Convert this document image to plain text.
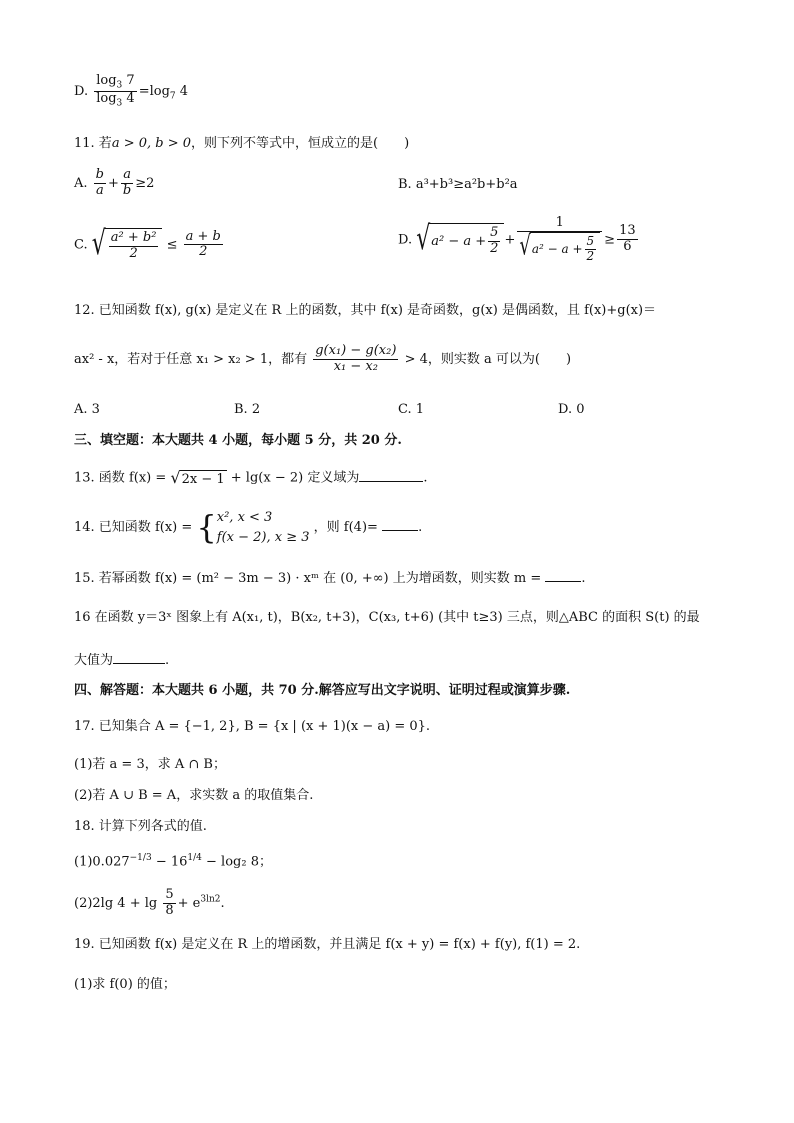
D. $\frac{\log_3 7}{\log_3 4} =\log_7$ 4
11. 若a > 0, b > 0，则下列不等式中，恒成立的是(　　)
A. $\frac{b}{a} + \frac{a}{b} \ge 2$	B. a³+b³≥a²b+b²a
C. √ $\frac{\text{a² + b²}}{2} \le \frac{a + b}{2}$	D. $√a^2 - a + \frac{5}{2} + \frac{1}{√a^2 - a + \frac{5}{2}} \ge \frac{13}{6}$
12. 已知函数 f(x), g(x) 是定义在 R 上的函数，其中 f(x) 是奇函数，g(x) 是偶函数，且 f(x)+g(x)＝
ax² - x，若对于任意 x₁ > x₂ > 1，都有 $\frac{\text{g(x₁) − g(x₂)}}{\text{x₁ − x₂}} > 4$，则实数 a 可以为(　　)
A. 3	B. 2	C. 1	D. 0
三、填空题：本大题共 4 小题，每小题 5 分，共 20 分.
13. 函数 f(x) = √2x − 1 + lg(x − 2) 定义域为	.
14. 已知函数 f(x) = { x², x < 3
f(x − 2), x ≥ 3
，则 f(4)=	.
15. 若幂函数 f(x) = (m² − 3m − 3) · xᵐ 在 (0, +∞) 上为增函数，则实数 m =	.
16 在函数 y＝3ˣ 图象上有 A(x₁, t)，B(x₂, t+3)，C(x₃, t+6) (其中 t≥3) 三点，则△ABC 的面积 S(t) 的最
大值为	.
四、解答题：本大题共 6 小题，共 70 分.解答应写出文字说明、证明过程或演算步骤.
17. 已知集合 A = {−1, 2}, B = {x | (x + 1)(x − a) = 0}.
(1)若 a = 3，求 A ∩ B；
(2)若 A ∪ B = A，求实数 a 的取值集合.
18. 计算下列各式的值.
$(1)0.027^{-1/3} - 16^{1/4} - \log_2$ 8；
(2)2lg $4 + \lg \frac{5}{8} + e^{3ln2}$.
19. 已知函数 f(x) 是定义在 R 上的增函数，并且满足 f(x + y) = f(x) + f(y), f(1) = 2.
(1)求 f(0) 的值；
